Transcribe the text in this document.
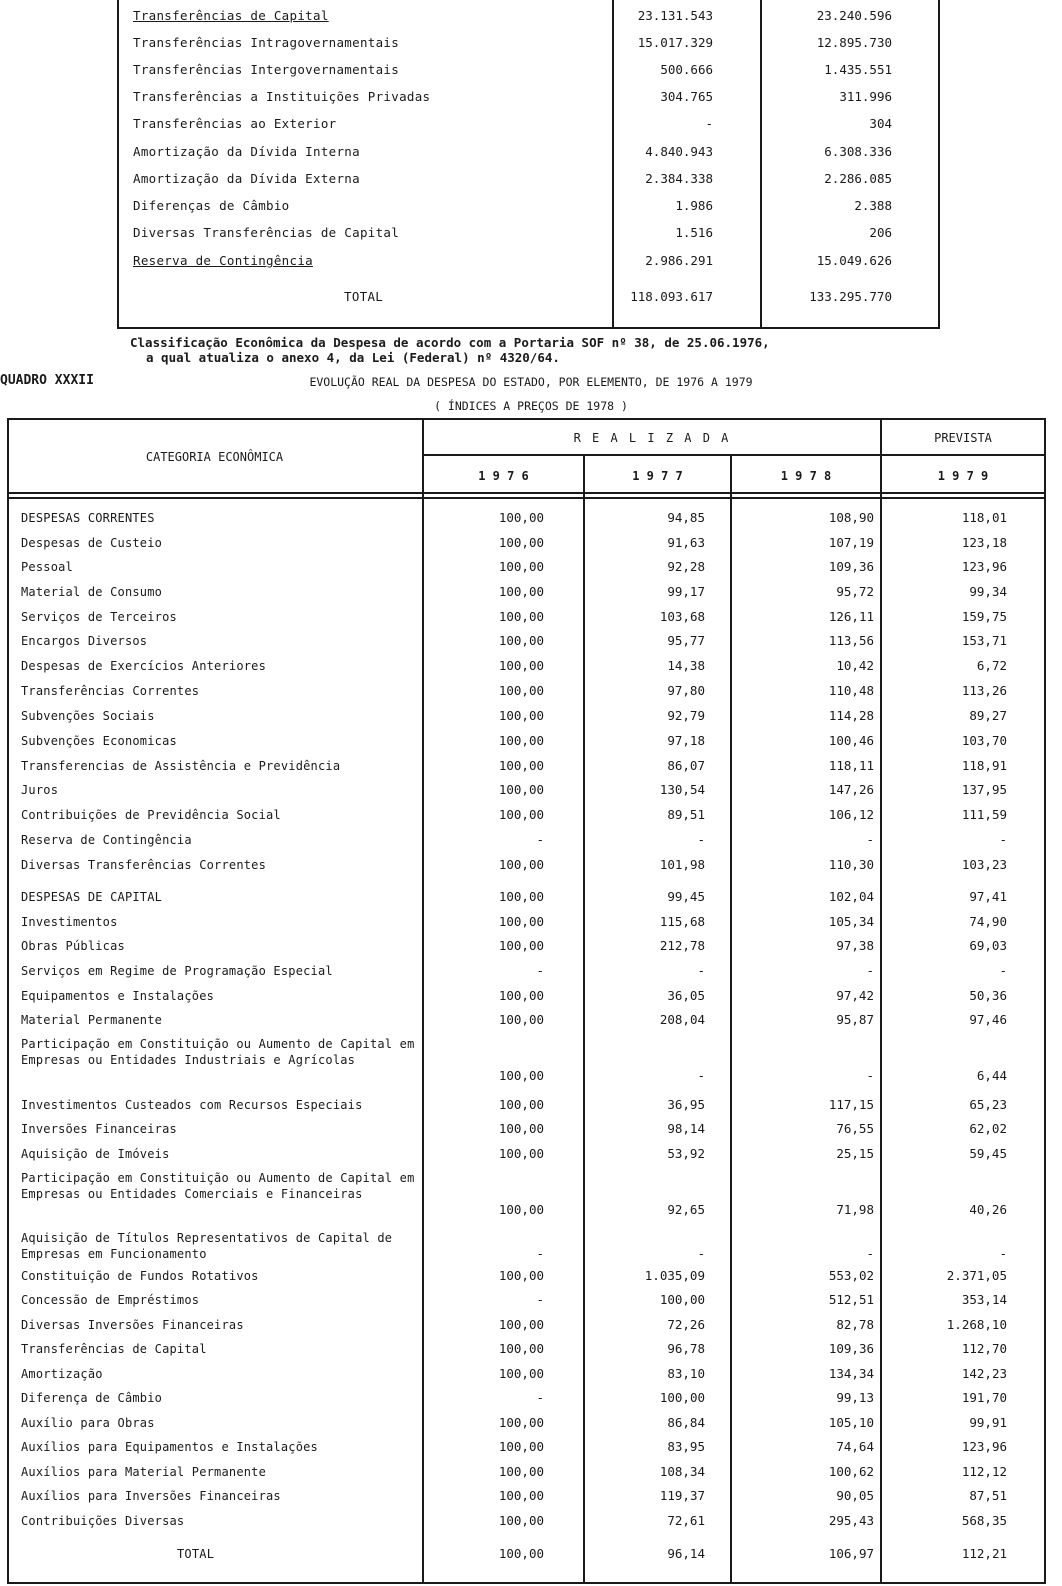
Transferências de Capital	23.131.543	23.240.596
Transferências Intragovernamentais	15.017.329	12.895.730
Transferências Intergovernamentais	500.666	1.435.551
Transferências a Instituições Privadas	304.765	311.996
Transferências ao Exterior	-	304
Amortização da Dívida Interna	4.840.943	6.308.336
Amortização da Dívida Externa	2.384.338	2.286.085
Diferenças de Câmbio	1.986	2.388
Diversas Transferências de Capital	1.516	206
Reserva de Contingência	2.986.291	15.049.626
TOTAL	118.093.617	133.295.770
Classificação Econômica da Despesa de acordo com a Portaria SOF nº 38, de 25.06.1976,
a qual atualiza o anexo 4, da Lei (Federal) nº 4320/64.
QUADRO XXXII	EVOLUÇÃO REAL DA DESPESA DO ESTADO, POR ELEMENTO, DE 1976 A 1979
( ÍNDICES A PREÇOS DE 1978 )
CATEGORIA ECONÔMICA
R E A L I Z A D A	PREVISTA
1 9 7 6	1 9 7 7	1 9 7 8	1 9 7 9
DESPESAS CORRENTES	100,00	94,85	108,90	118,01
Despesas de Custeio	100,00	91,63	107,19	123,18
Pessoal	100,00	92,28	109,36	123,96
Material de Consumo	100,00	99,17	95,72	99,34
Serviços de Terceiros	100,00	103,68	126,11	159,75
Encargos Diversos	100,00	95,77	113,56	153,71
Despesas de Exercícios Anteriores	100,00	14,38	10,42	6,72
Transferências Correntes	100,00	97,80	110,48	113,26
Subvenções Sociais	100,00	92,79	114,28	89,27
Subvenções Economicas	100,00	97,18	100,46	103,70
Transferencias de Assistência e Previdência	100,00	86,07	118,11	118,91
Juros	100,00	130,54	147,26	137,95
Contribuições de Previdência Social	100,00	89,51	106,12	111,59
Reserva de Contingência	-	-	-	-
Diversas Transferências Correntes	100,00	101,98	110,30	103,23
DESPESAS DE CAPITAL	100,00	99,45	102,04	97,41
Investimentos	100,00	115,68	105,34	74,90
Obras Públicas	100,00	212,78	97,38	69,03
Serviços em Regime de Programação Especial	-	-	-	-
Equipamentos e Instalações	100,00	36,05	97,42	50,36
Material Permanente	100,00	208,04	95,87	97,46
Participação em Constituição ou Aumento de Capital em Empresas ou Entidades Industriais e Agrícolas
100,00	-	-	6,44
Investimentos Custeados com Recursos Especiais	100,00	36,95	117,15	65,23
Inversões Financeiras	100,00	98,14	76,55	62,02
Aquisição de Imóveis	100,00	53,92	25,15	59,45
Participação em Constituição ou Aumento de Capital em Empresas ou Entidades Comerciais e Financeiras
100,00	92,65	71,98	40,26
Aquisição de Títulos Representativos de Capital de Empresas em Funcionamento	-	-	-	-
Constituição de Fundos Rotativos	100,00	1.035,09	553,02	2.371,05
Concessão de Empréstimos	-	100,00	512,51	353,14
Diversas Inversões Financeiras	100,00	72,26	82,78	1.268,10
Transferências de Capital	100,00	96,78	109,36	112,70
Amortização	100,00	83,10	134,34	142,23
Diferença de Câmbio	-	100,00	99,13	191,70
Auxílio para Obras	100,00	86,84	105,10	99,91
Auxílios para Equipamentos e Instalações	100,00	83,95	74,64	123,96
Auxílios para Material Permanente	100,00	108,34	100,62	112,12
Auxílios para Inversões Financeiras	100,00	119,37	90,05	87,51
Contribuições Diversas	100,00	72,61	295,43	568,35
TOTAL	100,00	96,14	106,97	112,21
